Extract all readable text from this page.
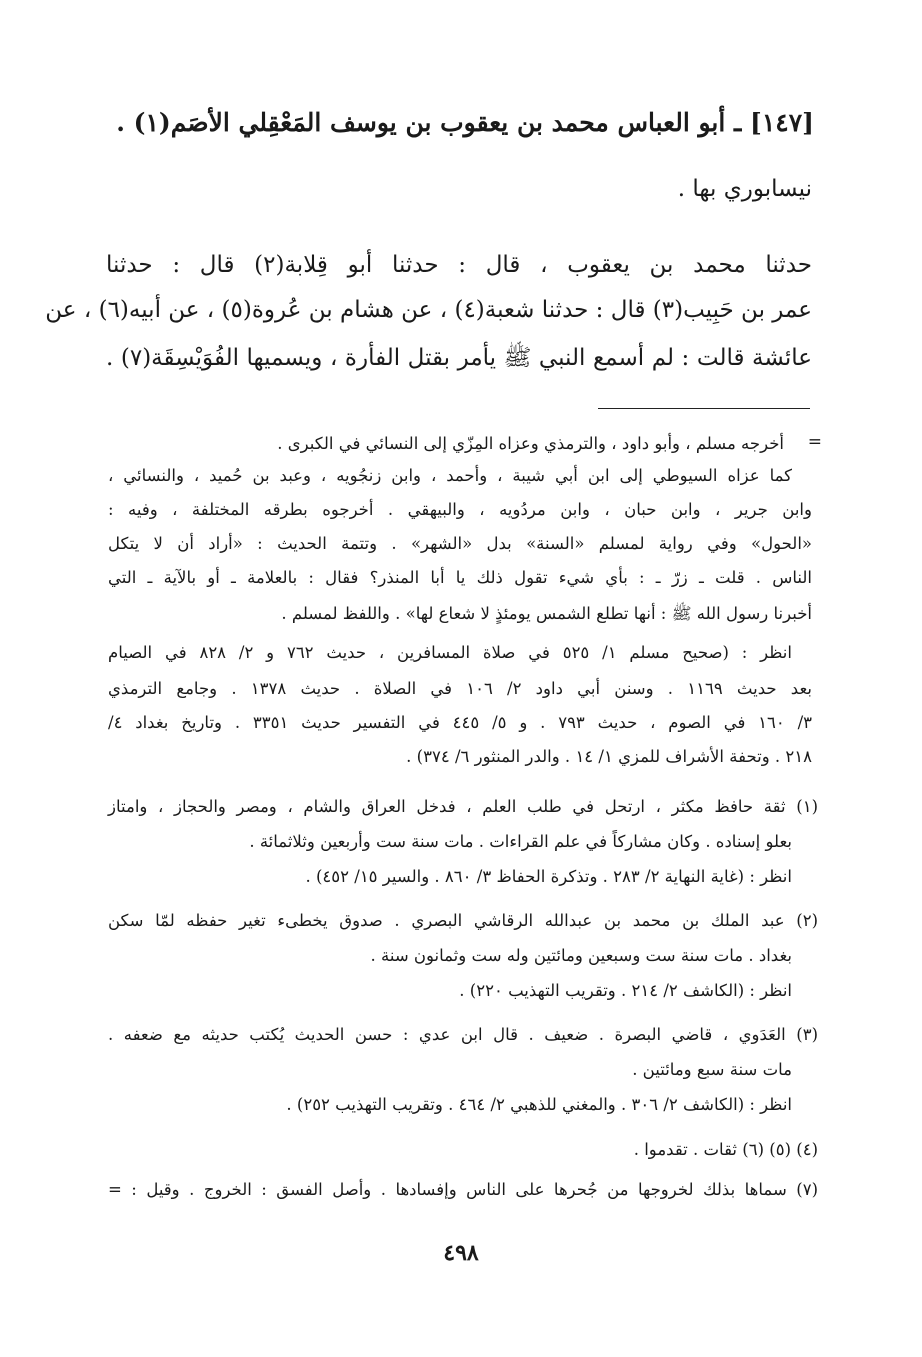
[١٤٧] ـ أبو العباس محمد بن يعقوب بن يوسف المَعْقِلي الأصَم(١) .
نيسابوري بها .
حدثنا محمد بن يعقوب ، قال : حدثنا أبو قِلابة(٢) قال : حدثنا
عمر بن حَبِيب(٣) قال : حدثنا شعبة(٤) ، عن هشام بن عُروة(٥) ، عن أبيه(٦) ، عن
عائشة قالت : لم أسمع النبي ﷺ يأمر بقتل الفأرة ، ويسميها الفُوَيْسِقَة(٧) .
=
أخرجه مسلم ، وأبو داود ، والترمذي وعزاه المِزّي إلى النسائي في الكبرى .
كما عزاه السيوطي إلى ابن أبي شيبة ، وأحمد ، وابن زنجُويه ، وعبد بن حُميد ، والنسائي ،
وابن جرير ، وابن حبان ، وابن مردُويه ، والبيهقي . أخرجوه بطرقه المختلفة ، وفيه :
«الحول» وفي رواية لمسلم «السنة» بدل «الشهر» . وتتمة الحديث : «أراد أن لا يتكل
الناس . قلت ـ زرّ ـ : بأي شيء تقول ذلك يا أبا المنذر؟ فقال : بالعلامة ـ أو بالآية ـ التي
أخبرنا رسول الله ﷺ : أنها تطلع الشمس يومئذٍ لا شعاع لها» . واللفظ لمسلم .
انظر : (صحيح مسلم ١/ ٥٢٥ في صلاة المسافرين ، حديث ٧٦٢ و ٢/ ٨٢٨ في الصيام
بعد حديث ١١٦٩ . وسنن أبي داود ٢/ ١٠٦ في الصلاة . حديث ١٣٧٨ . وجامع الترمذي
٣/ ١٦٠ في الصوم ، حديث ٧٩٣ . و ٥/ ٤٤٥ في التفسير حديث ٣٣٥١ . وتاريخ بغداد ٤/
٢١٨ . وتحفة الأشراف للمزي ١/ ١٤ . والدر المنثور ٦/ ٣٧٤) .
(١) ثقة حافظ مكثر ، ارتحل في طلب العلم ، فدخل العراق والشام ، ومصر والحجاز ، وامتاز
بعلو إسناده . وكان مشاركاً في علم القراءات . مات سنة ست وأربعين وثلاثمائة .
انظر : (غاية النهاية ٢/ ٢٨٣ . وتذكرة الحفاظ ٣/ ٨٦٠ . والسير ١٥/ ٤٥٢) .
(٢) عبد الملك بن محمد بن عبدالله الرقاشي البصري . صدوق يخطىء تغير حفظه لمّا سكن
بغداد . مات سنة ست وسبعين ومائتين وله ست وثمانون سنة .
انظر : (الكاشف ٢/ ٢١٤ . وتقريب التهذيب ٢٢٠) .
(٣) العَدَوي ، قاضي البصرة . ضعيف . قال ابن عدي : حسن الحديث يُكتب حديثه مع ضعفه .
مات سنة سبع ومائتين .
انظر : (الكاشف ٢/ ٣٠٦ . والمغني للذهبي ٢/ ٤٦٤ . وتقريب التهذيب ٢٥٢) .
(٤) (٥) (٦) ثقات . تقدموا .
(٧) سماها بذلك لخروجها من جُحرها على الناس وإفسادها . وأصل الفسق : الخروج . وقيل : =
٤٩٨
